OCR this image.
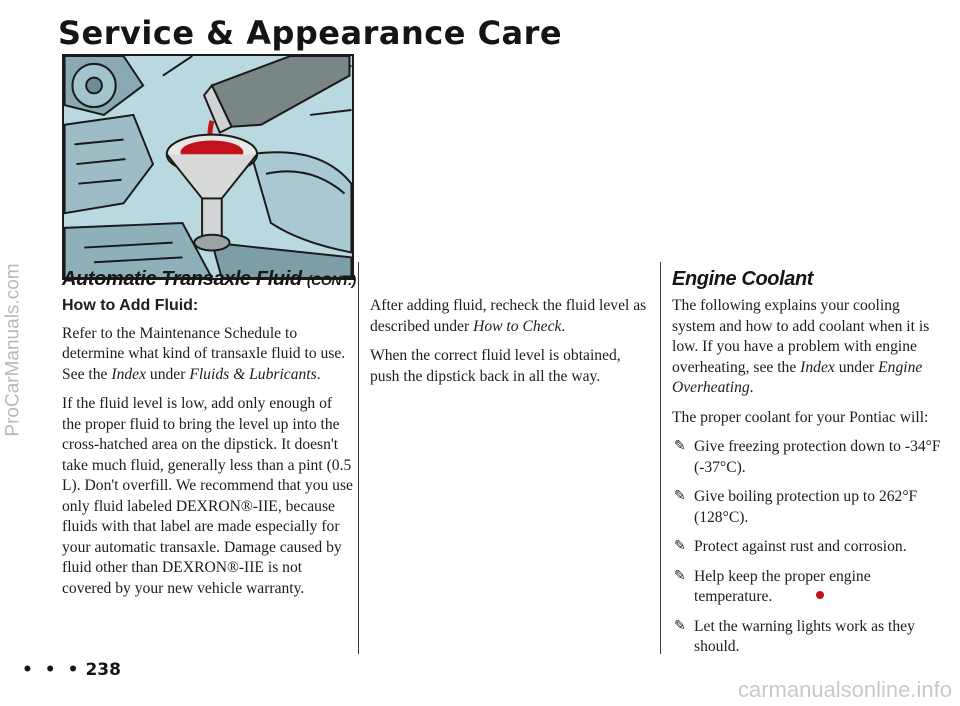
ProCarManuals.com
Service & Appearance Care
Automatic Transaxle Fluid (CONT.)
How to Add Fluid:

Refer to the Maintenance Schedule to determine what kind of transaxle fluid to use. See the Index under Fluids & Lubricants.

If the fluid level is low, add only enough of the proper fluid to bring the level up into the cross-hatched area on the dipstick. It doesn't take much fluid, generally less than a pint (0.5 L). Don't overfill. We recommend that you use only fluid labeled DEXRON®-IIE, because fluids with that label are made especially for your automatic transaxle. Damage caused by fluid other than DEXRON®-IIE is not covered by your new vehicle warranty.

After adding fluid, recheck the fluid level as described under How to Check.

When the correct fluid level is obtained, push the dipstick back in all the way.

Engine Coolant

The following explains your cooling system and how to add coolant when it is low. If you have a problem with engine overheating, see the Index under Engine Overheating.

The proper coolant for your Pontiac will:

✎ Give freezing protection down to -34°F (-37°C).
✎ Give boiling protection up to 262°F (128°C).
✎ Protect against rust and corrosion.
✎ Help keep the proper engine temperature.
✎ Let the warning lights work as they should.
• • • 238
carmanualsonline.info
